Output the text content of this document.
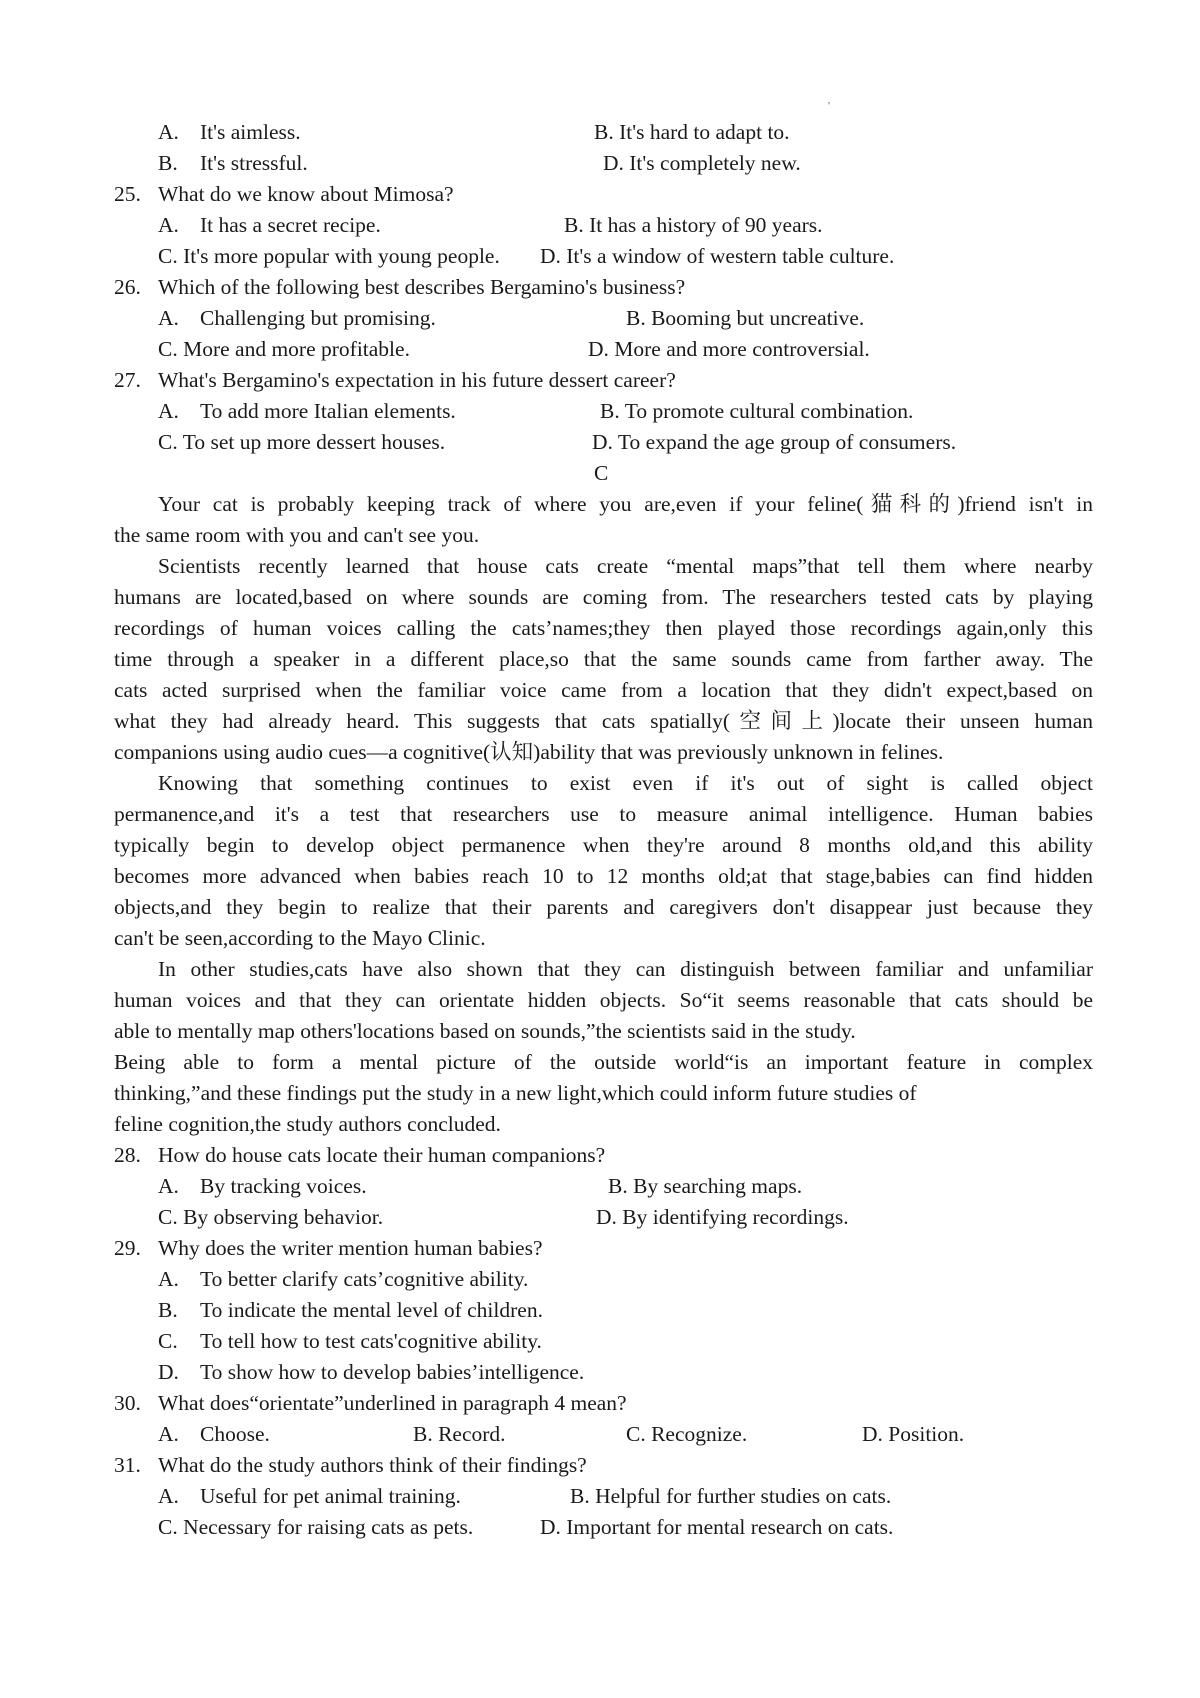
'
A. It's aimless.	B. It's hard to adapt to.
B. It's stressful.	D. It's completely new.
25. What do we know about Mimosa?
A. It has a secret recipe.	B. It has a history of 90 years.
C. It's more popular with young people. D. It's a window of western table culture.
26. Which of the following best describes Bergamino's business?
A. Challenging but promising.	B. Booming but uncreative.
C. More and more profitable.	D. More and more controversial.
27. What's Bergamino's expectation in his future dessert career?
A. To add more Italian elements.	B. To promote cultural combination.
C. To set up more dessert houses.	D. To expand the age group of consumers.
C
Your cat is probably keeping track of where you are,even if your feline(猫科的)friend isn't in
the same room with you and can't see you.
Scientists recently learned that house cats create “mental maps”that tell them where nearby
humans are located,based on where sounds are coming from. The researchers tested cats by playing
recordings of human voices calling the cats’names;they then played those recordings again,only this
time through a speaker in a different place,so that the same sounds came from farther away. The
cats acted surprised when the familiar voice came from a location that they didn't expect,based on
what they had already heard. This suggests that cats spatially(空间上)locate their unseen human
companions using audio cues—a cognitive(认知)ability that was previously unknown in felines.
Knowing that something continues to exist even if it's out of sight is called object
permanence,and it's a test that researchers use to measure animal intelligence. Human babies
typically begin to develop object permanence when they're around 8 months old,and this ability
becomes more advanced when babies reach 10 to 12 months old;at that stage,babies can find hidden
objects,and they begin to realize that their parents and caregivers don't disappear just because they
can't be seen,according to the Mayo Clinic.
In other studies,cats have also shown that they can distinguish between familiar and unfamiliar
human voices and that they can orientate hidden objects. So“it seems reasonable that cats should be
able to mentally map others'locations based on sounds,”the scientists said in the study.
Being able to form a mental picture of the outside world“is an important feature in complex
thinking,”and these findings put the study in a new light,which could inform future studies of
feline cognition,the study authors concluded.
28. How do house cats locate their human companions?
A. By tracking voices.	B. By searching maps.
C. By observing behavior.	D. By identifying recordings.
29. Why does the writer mention human babies?
A. To better clarify cats’cognitive ability.
B. To indicate the mental level of children.
C. To tell how to test cats'cognitive ability.
D. To show how to develop babies’intelligence.
30. What does“orientate”underlined in paragraph 4 mean?
A. Choose.	B. Record.	C. Recognize.	D. Position.
31. What do the study authors think of their findings?
A. Useful for pet animal training.	B. Helpful for further studies on cats.
C. Necessary for raising cats as pets.	D. Important for mental research on cats.
